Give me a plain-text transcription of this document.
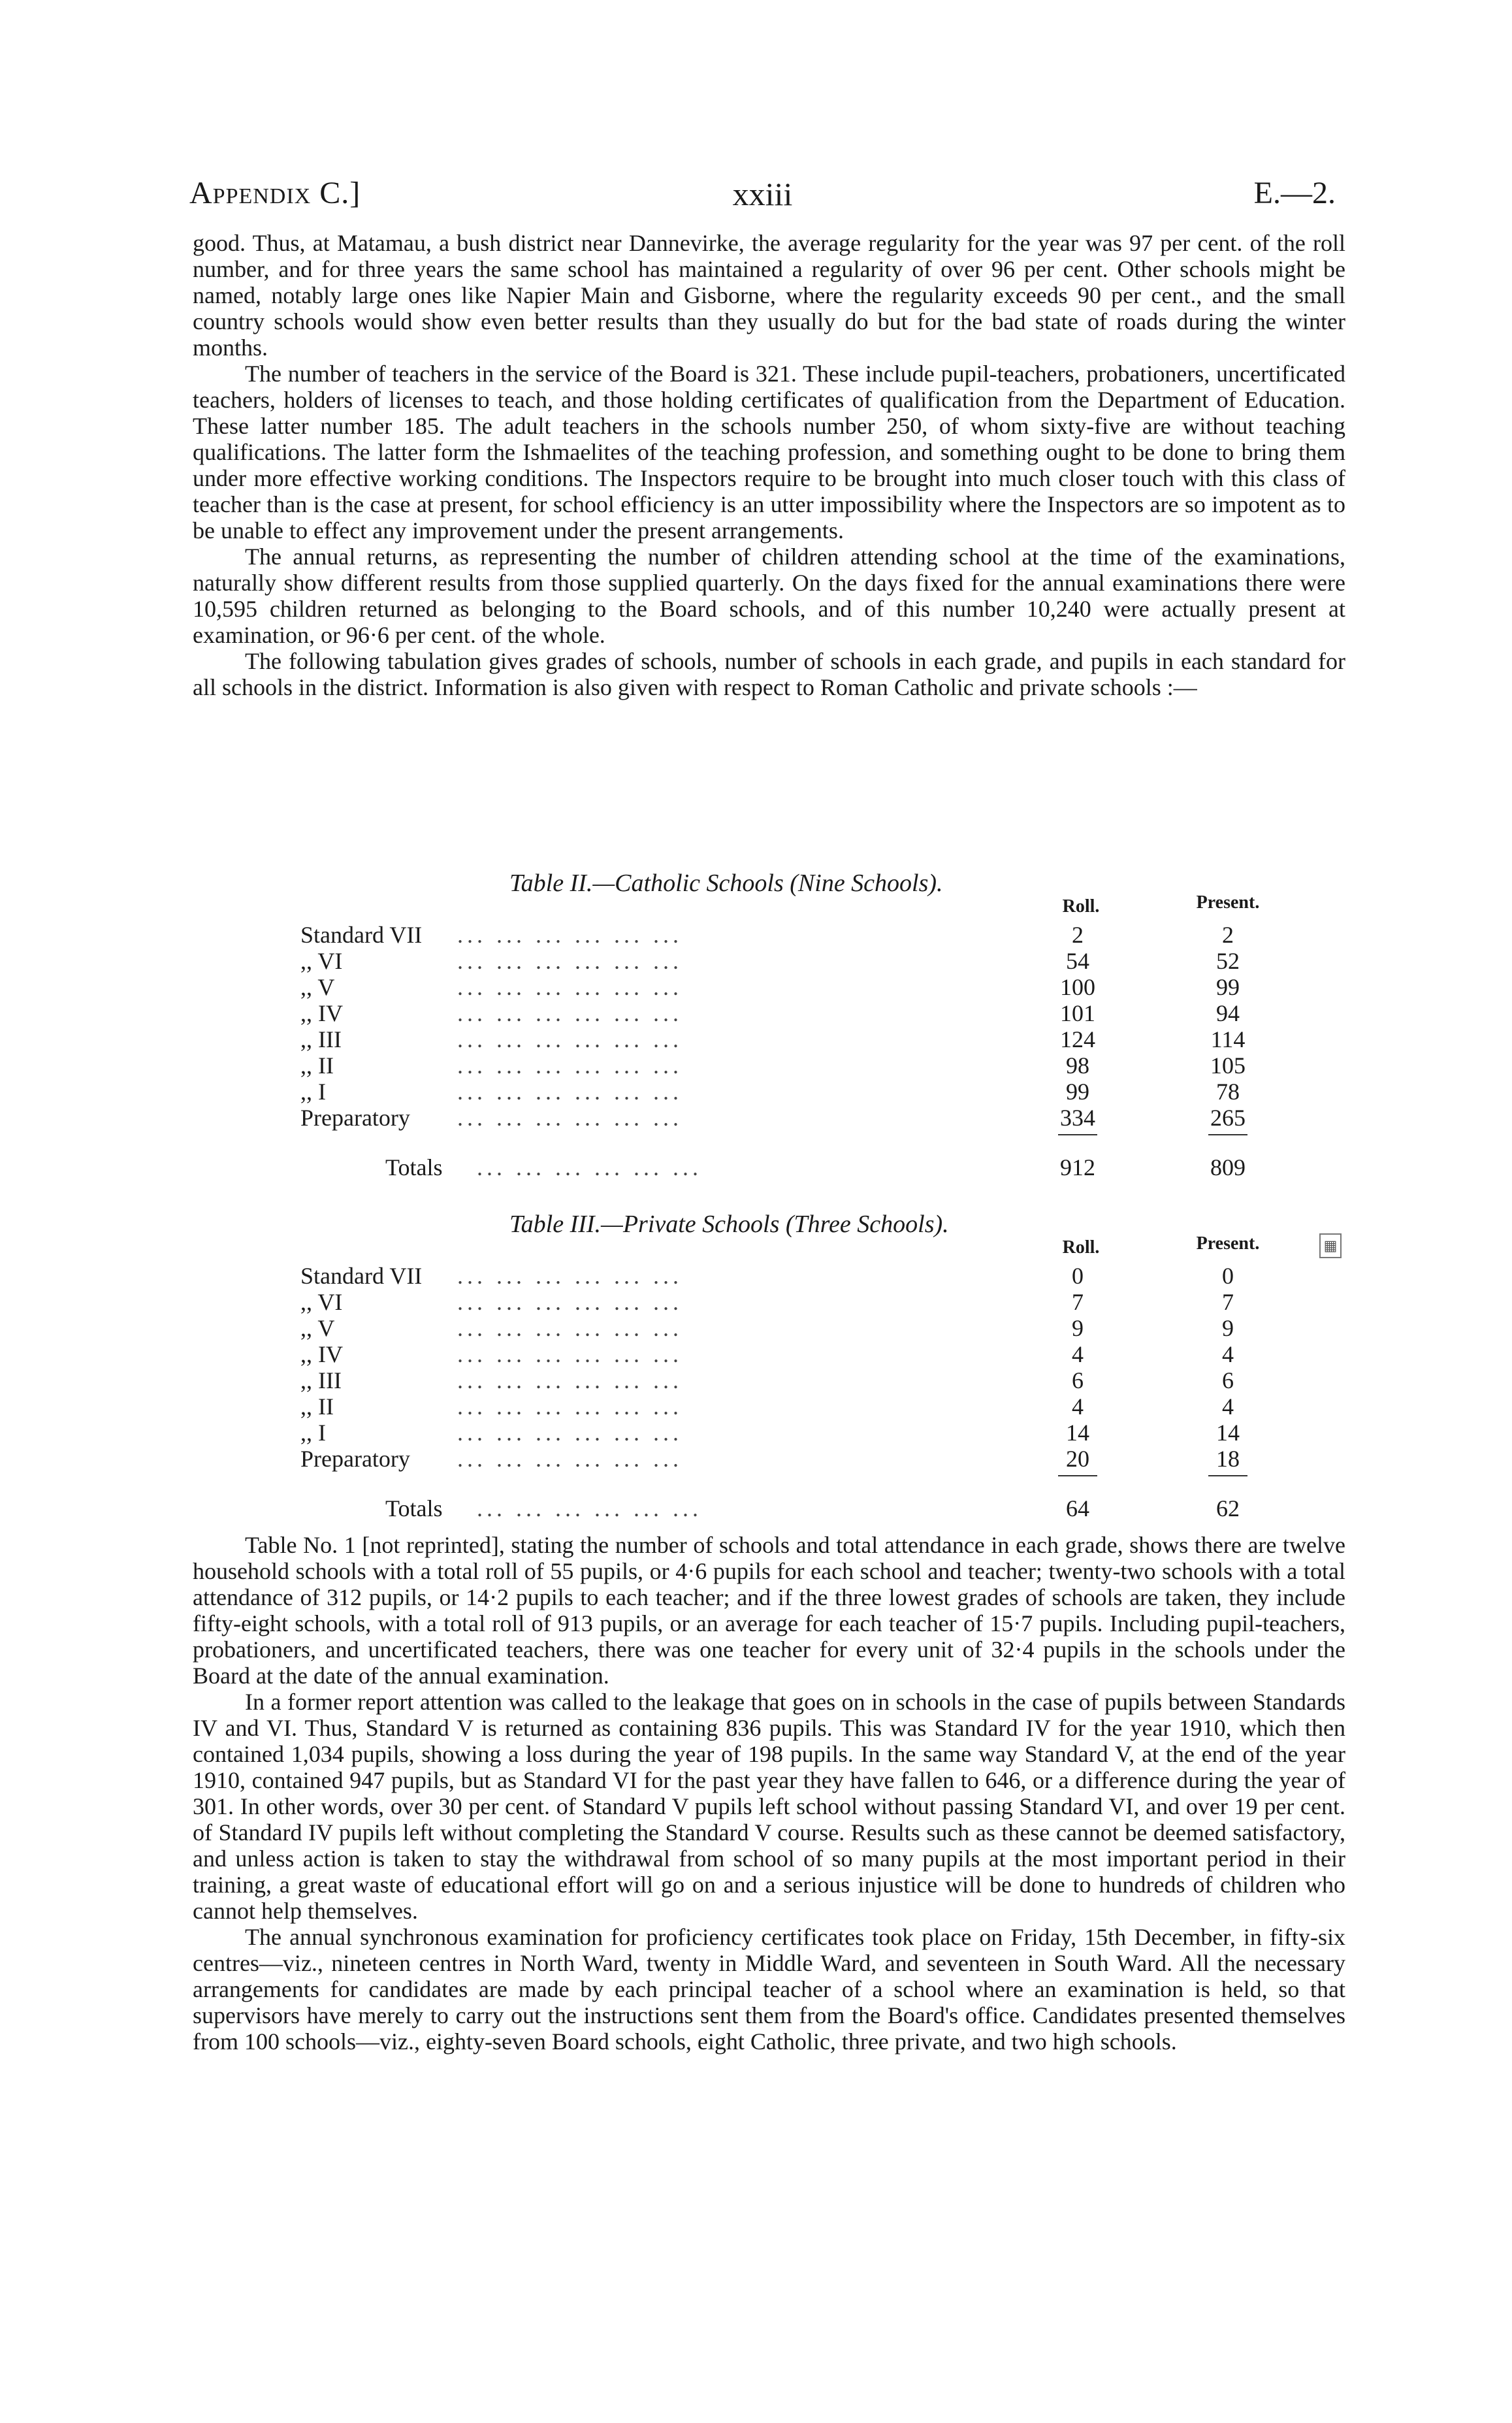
Appendix C.]	xxiii	E.—2.

good. Thus, at Matamau, a bush district near Dannevirke, the average regularity for the year was 97 per cent. of the roll number, and for three years the same school has maintained a regularity of over 96 per cent. Other schools might be named, notably large ones like Napier Main and Gisborne, where the regularity exceeds 90 per cent., and the small country schools would show even better results than they usually do but for the bad state of roads during the winter months.

The number of teachers in the service of the Board is 321. These include pupil-teachers, probationers, uncertificated teachers, holders of licenses to teach, and those holding certificates of qualification from the Department of Education. These latter number 185. The adult teachers in the schools number 250, of whom sixty-five are without teaching qualifications. The latter form the Ishmaelites of the teaching profession, and something ought to be done to bring them under more effective working conditions. The Inspectors require to be brought into much closer touch with this class of teacher than is the case at present, for school efficiency is an utter impossibility where the Inspectors are so impotent as to be unable to effect any improvement under the present arrangements.

The annual returns, as representing the number of children attending school at the time of the examinations, naturally show different results from those supplied quarterly. On the days fixed for the annual examinations there were 10,595 children returned as belonging to the Board schools, and of this number 10,240 were actually present at examination, or 96·6 per cent. of the whole.

The following tabulation gives grades of schools, number of schools in each grade, and pupils in each standard for all schools in the district. Information is also given with respect to Roman Catholic and private schools :—

Table II.—Catholic Schools (Nine Schools).
Roll.	Present.
Standard VII	... ... ... ... ... ...	2	2
,, VI	... ... ... ... ... ...	54	52
,, V	... ... ... ... ... ...	100	99
,, IV	... ... ... ... ... ...	101	94
,, III	... ... ... ... ... ...	124	114
,, II	... ... ... ... ... ...	98	105
,, I	... ... ... ... ... ...	99	78
Preparatory	... ... ... ... ... ...	334	265
Totals	... ... ... ... ... ...	912	809
Table III.—Private Schools (Three Schools).
Roll.	Present.	▦
Standard VII	... ... ... ... ... ...	0	0
,, VI	... ... ... ... ... ...	7	7
,, V	... ... ... ... ... ...	9	9
,, IV	... ... ... ... ... ...	4	4
,, III	... ... ... ... ... ...	6	6
,, II	... ... ... ... ... ...	4	4
,, I	... ... ... ... ... ...	14	14
Preparatory	... ... ... ... ... ...	20	18
Totals	... ... ... ... ... ...	64	62

Table No. 1 [not reprinted], stating the number of schools and total attendance in each grade, shows there are twelve household schools with a total roll of 55 pupils, or 4·6 pupils for each school and teacher; twenty-two schools with a total attendance of 312 pupils, or 14·2 pupils to each teacher; and if the three lowest grades of schools are taken, they include fifty-eight schools, with a total roll of 913 pupils, or an average for each teacher of 15·7 pupils. Including pupil-teachers, probationers, and uncertificated teachers, there was one teacher for every unit of 32·4 pupils in the schools under the Board at the date of the annual examination.

In a former report attention was called to the leakage that goes on in schools in the case of pupils between Standards IV and VI. Thus, Standard V is returned as containing 836 pupils. This was Standard IV for the year 1910, which then contained 1,034 pupils, showing a loss during the year of 198 pupils. In the same way Standard V, at the end of the year 1910, contained 947 pupils, but as Standard VI for the past year they have fallen to 646, or a difference during the year of 301. In other words, over 30 per cent. of Standard V pupils left school without passing Standard VI, and over 19 per cent. of Standard IV pupils left without completing the Standard V course. Results such as these cannot be deemed satisfactory, and unless action is taken to stay the withdrawal from school of so many pupils at the most important period in their training, a great waste of educational effort will go on and a serious injustice will be done to hundreds of children who cannot help themselves.

The annual synchronous examination for proficiency certificates took place on Friday, 15th December, in fifty-six centres—viz., nineteen centres in North Ward, twenty in Middle Ward, and seventeen in South Ward. All the necessary arrangements for candidates are made by each principal teacher of a school where an examination is held, so that supervisors have merely to carry out the instructions sent them from the Board's office. Candidates presented themselves from 100 schools—viz., eighty-seven Board schools, eight Catholic, three private, and two high schools.
